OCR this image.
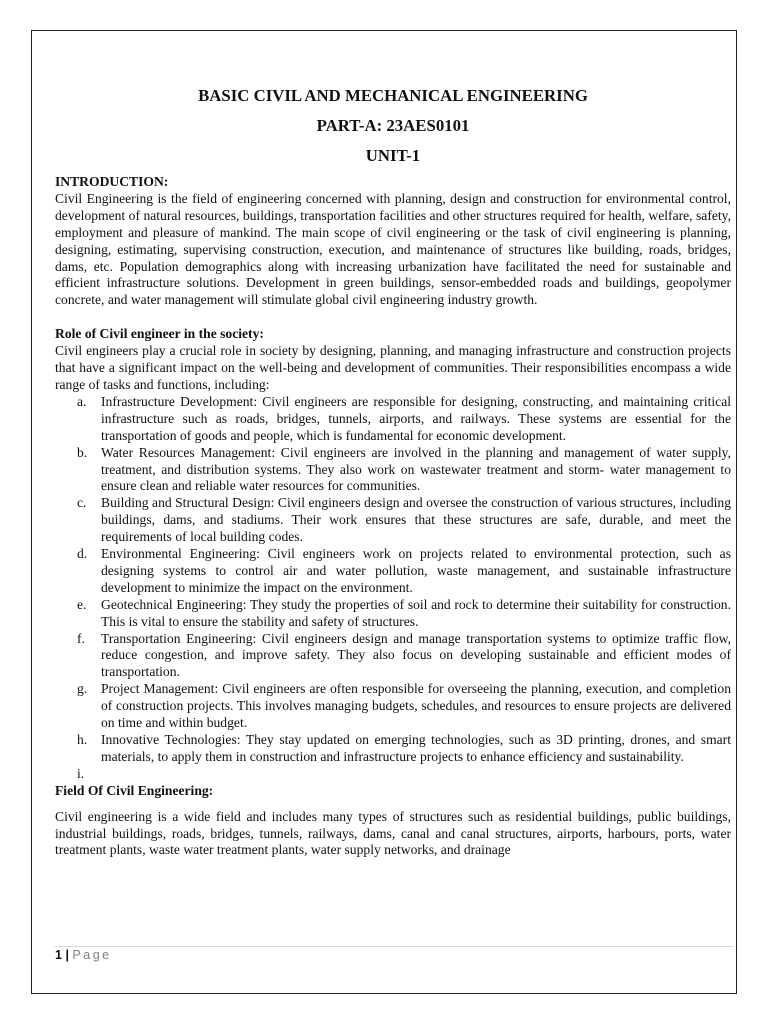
BASIC CIVIL AND MECHANICAL ENGINEERING
PART-A: 23AES0101
UNIT-1

INTRODUCTION:

Civil Engineering is the field of engineering concerned with planning, design and construction for environmental control, development of natural resources, buildings, transportation facilities and other structures required for health, welfare, safety, employment and pleasure of mankind. The main scope of civil engineering or the task of civil engineering is planning, designing, estimating, supervising construction, execution, and maintenance of structures like building, roads, bridges, dams, etc. Population demographics along with increasing urbanization have facilitated the need for sustainable and efficient infrastructure solutions. Development in green buildings, sensor-embedded roads and buildings, geopolymer concrete, and water management will stimulate global civil engineering industry growth.

Role of Civil engineer in the society:

Civil engineers play a crucial role in society by designing, planning, and managing infrastructure and construction projects that have a significant impact on the well-being and development of communities. Their responsibilities encompass a wide range of tasks and functions, including:

a. Infrastructure Development: Civil engineers are responsible for designing, constructing, and maintaining critical infrastructure such as roads, bridges, tunnels, airports, and railways. These systems are essential for the transportation of goods and people, which is fundamental for economic development.
b. Water Resources Management: Civil engineers are involved in the planning and management of water supply, treatment, and distribution systems. They also work on wastewater treatment and storm- water management to ensure clean and reliable water resources for communities.
c. Building and Structural Design: Civil engineers design and oversee the construction of various structures, including buildings, dams, and stadiums. Their work ensures that these structures are safe, durable, and meet the requirements of local building codes.
d. Environmental Engineering: Civil engineers work on projects related to environmental protection, such as designing systems to control air and water pollution, waste management, and sustainable infrastructure development to minimize the impact on the environment.
e. Geotechnical Engineering: They study the properties of soil and rock to determine their suitability for construction. This is vital to ensure the stability and safety of structures.
f. Transportation Engineering: Civil engineers design and manage transportation systems to optimize traffic flow, reduce congestion, and improve safety. They also focus on developing sustainable and efficient modes of transportation.
g. Project Management: Civil engineers are often responsible for overseeing the planning, execution, and completion of construction projects. This involves managing budgets, schedules, and resources to ensure projects are delivered on time and within budget.
h. Innovative Technologies: They stay updated on emerging technologies, such as 3D printing, drones, and smart materials, to apply them in construction and infrastructure projects to enhance efficiency and sustainability.
i.

Field Of Civil Engineering:

Civil engineering is a wide field and includes many types of structures such as residential buildings, public buildings, industrial buildings, roads, bridges, tunnels, railways, dams, canal and canal structures, airports, harbours, ports, water treatment plants, waste water treatment plants, water supply networks, and drainage

1 | Page
